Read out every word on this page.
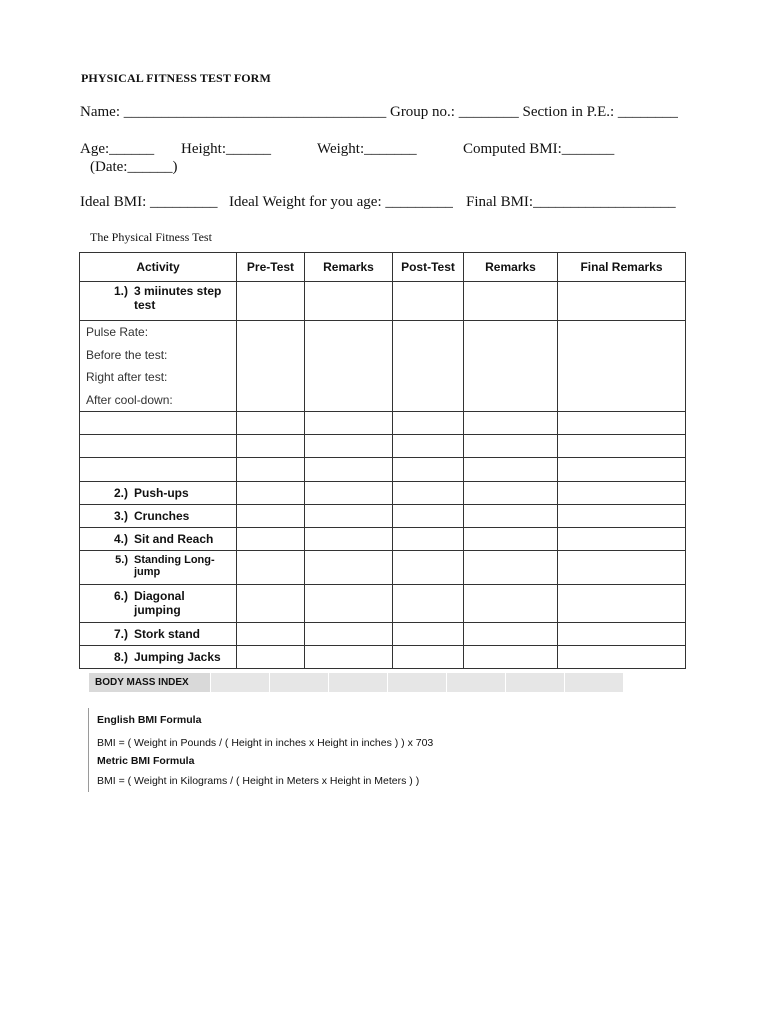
PHYSICAL FITNESS TEST FORM
Name: ___________________________________ Group no.: ________ Section in P.E.: ________
Age:______ Height:______	Weight:_______	Computed BMI:_______
(Date:______)
Ideal BMI: _________ Ideal Weight for you age: _________ Final BMI:___________________
The Physical Fitness Test
Activity	Pre-Test	Remarks	Post-Test	Remarks	Final Remarks
1.) 3 miinutes step test					

Pulse Rate:
Before the test:
Right after test:
After cool-down:					

2.) Push-ups					
3.) Crunches					
4.) Sit and Reach					
5.) Standing Long-jump					
6.) Diagonal jumping					
7.) Stork stand					
8.) Jumping Jacks					
BODY MASS INDEX
English BMI Formula
BMI = ( Weight in Pounds / ( Height in inches x Height in inches ) ) x 703
Metric BMI Formula
BMI = ( Weight in Kilograms / ( Height in Meters x Height in Meters ) )
